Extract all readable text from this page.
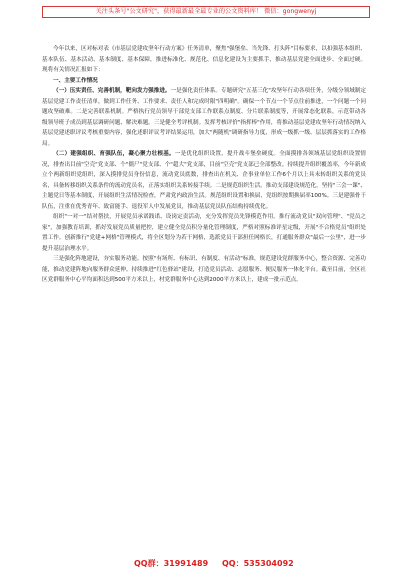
关注头条号"公文研究"，获得最新最全最专业的公文资料库！ 微信：gongwenyj

今年以来，区对标对表《市基层党建攻坚年行动方案》任务清单，聚焦"强堡垒、当先锋、打头阵"目标要求，以扣强基本组织、基本队伍、基本活动、基本制度、基本保障，推进标准化、规范化、信息化建设为主要抓手，推动基层党建全面进步、全面过硬。现将有关情况汇报如下：

一、主要工作情况

（一）压实责任、完善机制，靶向发力强推进。一是强化责任体系。专题研究"五基三化"攻坚年行动各项任务，分级分领域制定基层党建工作责任清单，做到工作任务、工作要求、责任人和完成时限"四明确"。确保一个节点一个节点往前推进，一个问题一个问题攻坚破难。二是完善联系机制。严格执行党员领导干部党支部工作联系点制度、分片联系制度等，开展常态化联系，示范带动各级领导班子成员到基层调研问题、解决难题。三是健全考评机制。发挥考核评价"指挥棒"作用，将推动基层党建攻坚年行动情况纳入基层党建述职评议考核重要内容，强化述职评议考评结果运用，加大"两随机"调研指导力度，形成一级抓一级、层层抓落实的工作格局。

（二）建强组织、育强队伍，凝心聚力壮根基。一是优化组织设置，提升战斗堡垒硬度。全面摸排各领域基层党组织设置情况，排查出目前"空壳"党支部、个"僵尸"党支部、个"超大"党支部，目前"空壳"党支部已全部整改。持续提升组织覆盖率，今年新成立个两新组织党组织，深入摸排党员身份信息，流动党员底数，排查出在机关、企事业单位工作6个月以上具未转组织关系的党员名，具备转移组织关系条件的流动党员名，正落实组织关系转接手续。二是规范组织生活，推动支部建设规范化。坚持"三会一课"、主题党日等基本制度，开展组织生活情况检查，严肃党内政治生活。规范组织设置和换届，党组织按期换届率100%。三是建强骨干队伍，注重在优秀青年、致富能手、退役军人中发展党员，推动基层党员队伍结构持续优化。

组织"一对一"结对帮扶，开展党员承诺践诺、设岗定责活动，充分发挥党员先锋模范作用。推行流动党员"双向管理"、"党员之家"，加强教育培训，抓好发展党员质量把控，建立健全党员积分量化管理制度，严格对照标准评星定级，开展"不合格党员"组织处置工作。创新推行"党建+网格"管理模式，将全区划分为若干网格，选派党员干部担任网格长，打通服务群众"最后一公里"，进一步提升基层治理水平。

三是强化阵地建设，夯实服务功能。按照"有场所、有标识、有制度、有活动"标准，规范建设党群服务中心，整合资源、完善功能，推动党建阵地向服务群众延伸。持续推进"红色驿站"建设，打造党员活动、志愿服务、便民服务一体化平台。截至目前，全区社区党群服务中心平均面积达到500平方米以上，村党群服务中心达到2000平方米以上，建成一批示范点。

QQ群：31991489 QQ：535304092
